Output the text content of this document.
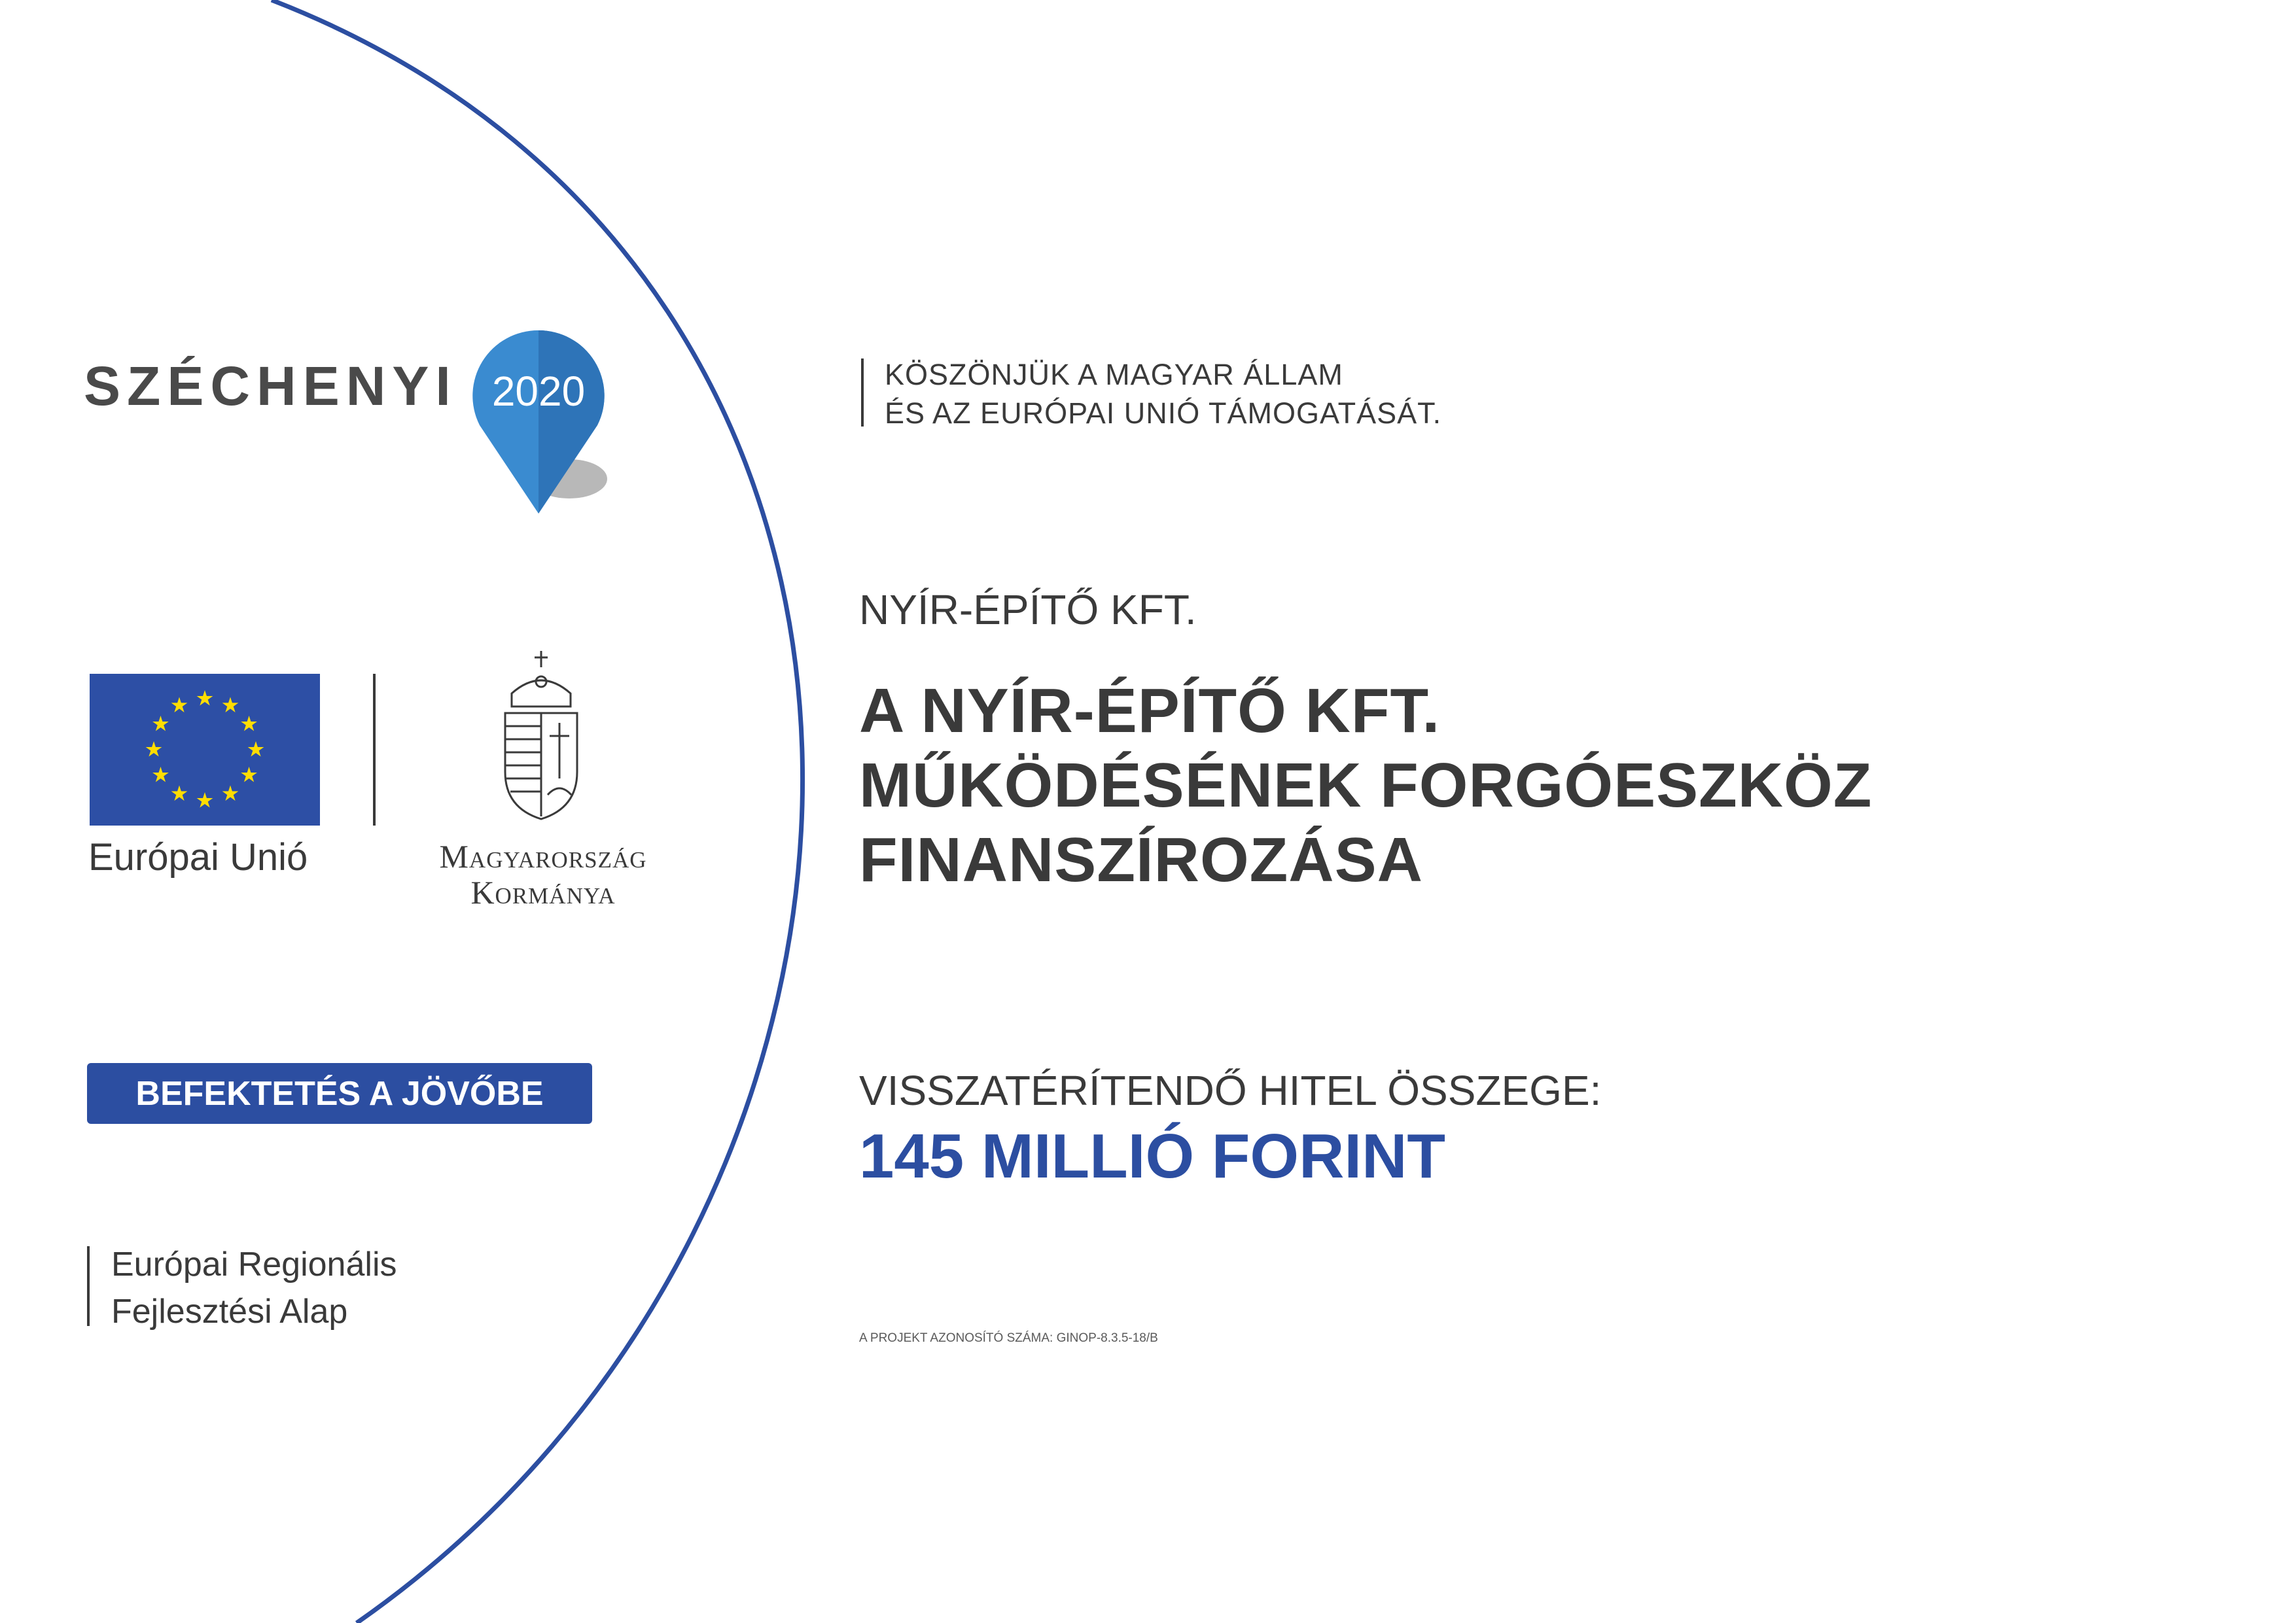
SZÉCHENYI 2020
Európai Unió	Magyarország
Kormánya
BEFEKTETÉS A JÖVŐBE
Európai Regionális
Fejlesztési Alap
KÖSZÖNJÜK A MAGYAR ÁLLAM
ÉS AZ EURÓPAI UNIÓ TÁMOGATÁSÁT.
NYÍR-ÉPÍTŐ KFT.
A NYÍR-ÉPÍTŐ KFT.
MŰKÖDÉSÉNEK FORGÓESZKÖZ
FINANSZÍROZÁSA
VISSZATÉRÍTENDŐ HITEL ÖSSZEGE:
145 MILLIÓ FORINT
A PROJEKT AZONOSÍTÓ SZÁMA: GINOP-8.3.5-18/B
